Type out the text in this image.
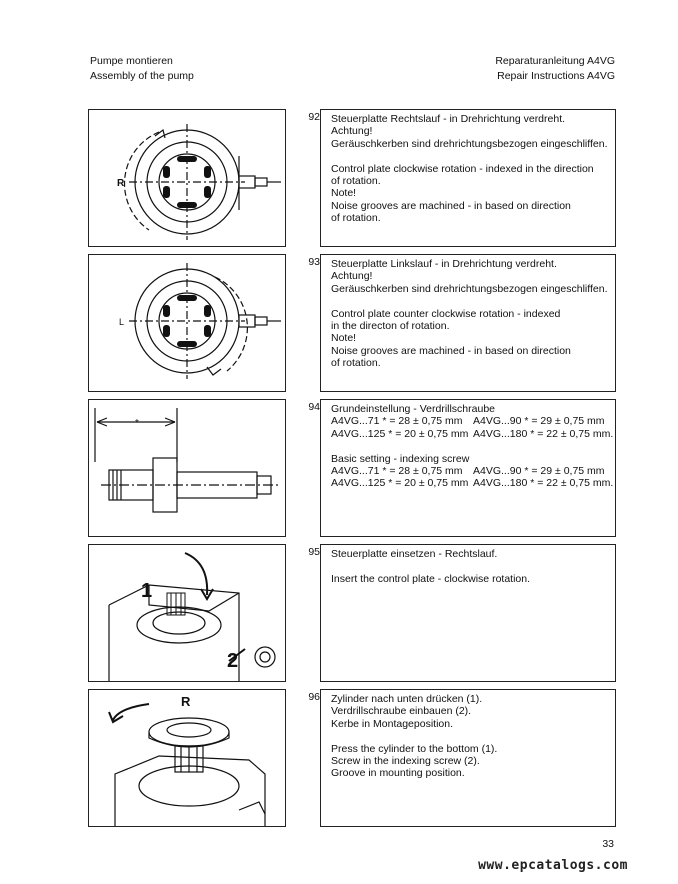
Pumpe montieren
Assembly of the pump
Reparaturanleitung A4VG
Repair Instructions A4VG
R
92 Steuerplatte Rechtslauf - in Drehrichtung verdreht.

Achtung!

Geräuschkerben sind drehrichtungsbezogen eingeschliffen.

Control plate clockwise rotation - indexed in the direction

of rotation.

Note!

Noise grooves are machined - in based on direction

of rotation.

L
93 Steuerplatte Linkslauf - in Drehrichtung verdreht.

Achtung!

Geräuschkerben sind drehrichtungsbezogen eingeschliffen.

Control plate counter clockwise rotation - indexed

in the directon of rotation.

Note!

Noise grooves are machined - in based on direction

of rotation.

*
94 Grundeinstellung - Verdrillschraube

A4VG...71 * = 28 ± 0,75 mm A4VG...90 * = 29 ± 0,75 mm

A4VG...125 * = 20 ± 0,75 mm A4VG...180 * = 22 ± 0,75 mm.

Basic setting - indexing screw

A4VG...71 * = 28 ± 0,75 mm A4VG...90 * = 29 ± 0,75 mm

A4VG...125 * = 20 ± 0,75 mm A4VG...180 * = 22 ± 0,75 mm.

1
2
95 Steuerplatte einsetzen - Rechtslauf.

Insert the control plate - clockwise rotation.

R	96 Zylinder nach unten drücken (1).

Verdrillschraube einbauen (2).

Kerbe in Montageposition.

Press the cylinder to the bottom (1).

Screw in the indexing screw (2).

Groove in mounting position.

33
www.epcatalogs.com
